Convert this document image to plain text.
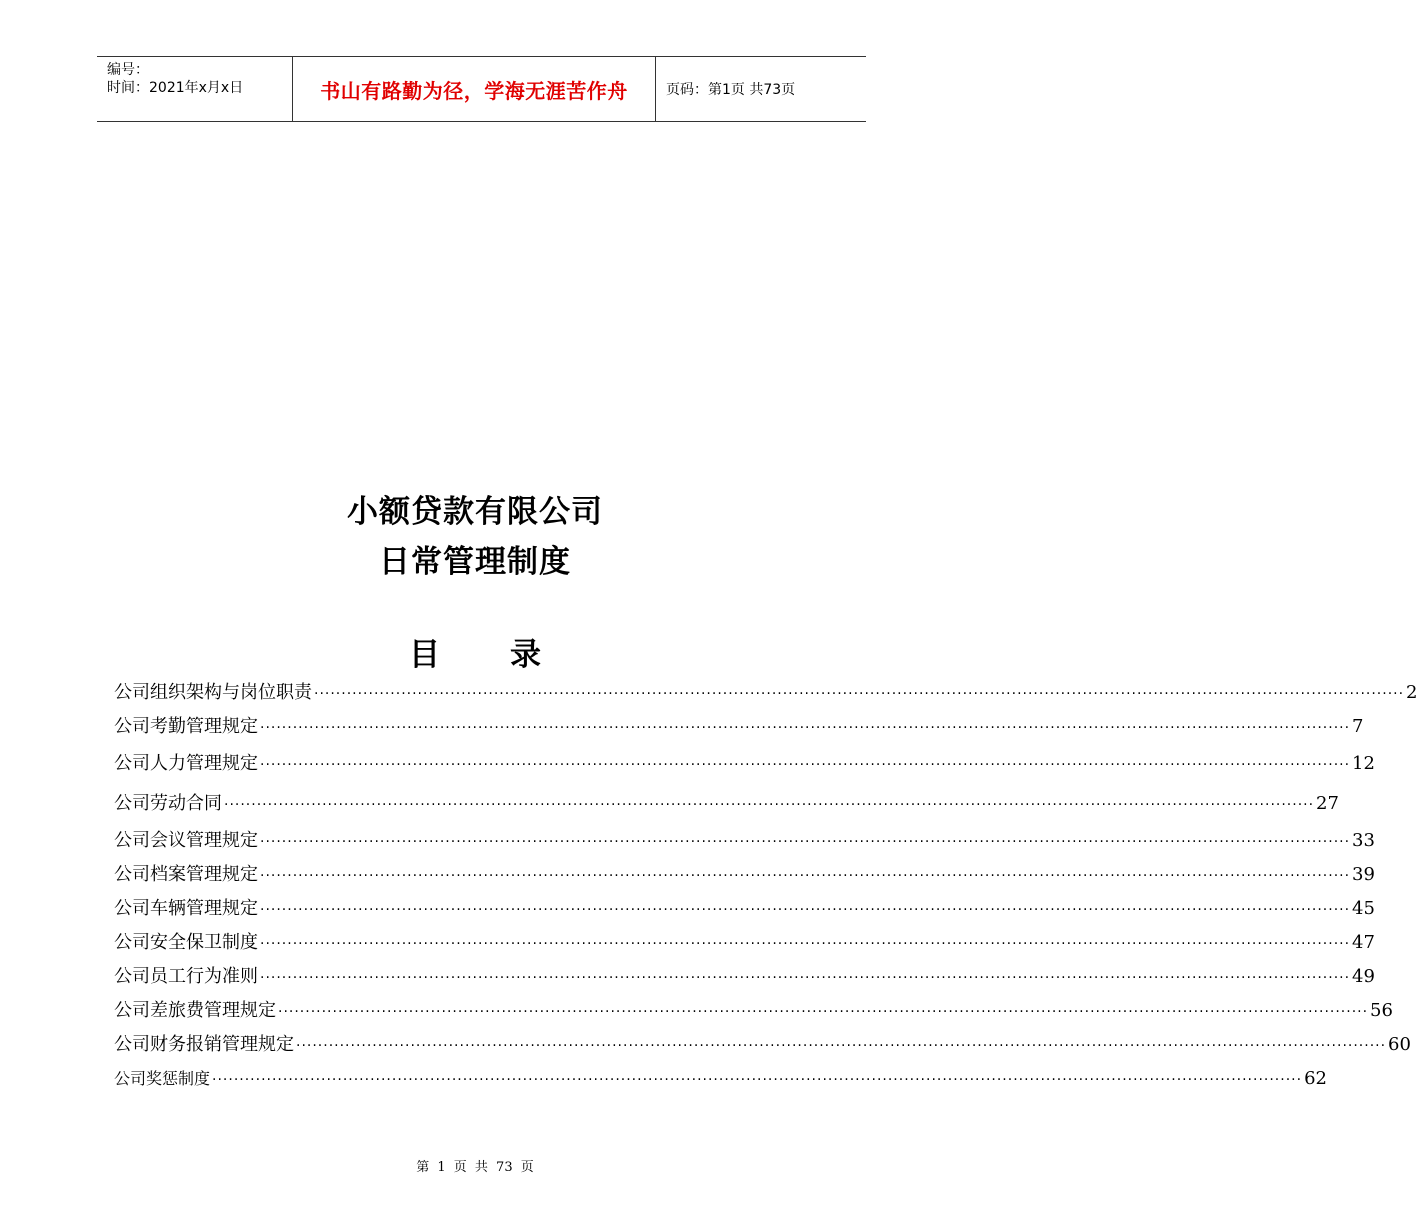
编号：
时间：2021年x月x日	书山有路勤为径，学海无涯苦作舟	页码：第1页 共73页
小额贷款有限公司
日常管理制度
目 录
公司组织架构与岗位职责 ········································································································································································································ 2
公司考勤管理规定 ········································································································································································································ 7
公司人力管理规定 ········································································································································································································ 12
公司劳动合同 ········································································································································································································ 27
公司会议管理规定 ········································································································································································································ 33
公司档案管理规定 ········································································································································································································ 39
公司车辆管理规定 ········································································································································································································ 45
公司安全保卫制度 ········································································································································································································ 47
公司员工行为准则 ········································································································································································································ 49
公司差旅费管理规定 ········································································································································································································ 56
公司财务报销管理规定 ········································································································································································································ 60
公司奖惩制度 ········································································································································································································ 62
第 1 页 共 73 页
